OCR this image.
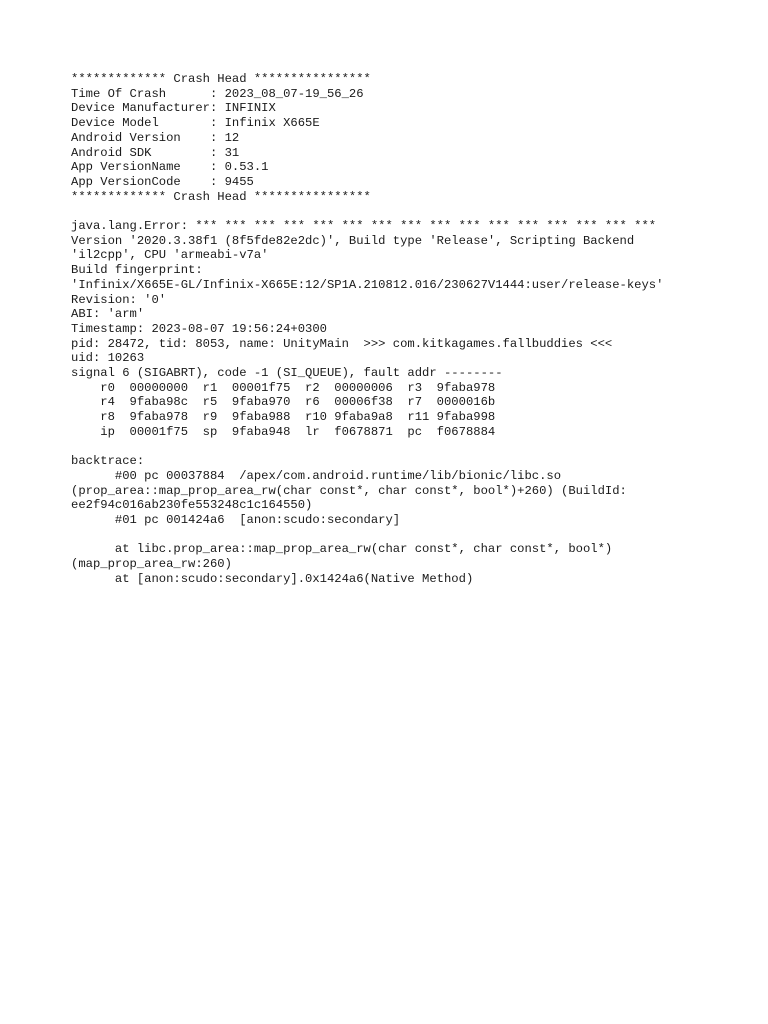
************* Crash Head ****************
Time Of Crash      : 2023_08_07-19_56_26
Device Manufacturer: INFINIX
Device Model       : Infinix X665E
Android Version    : 12
Android SDK        : 31
App VersionName    : 0.53.1
App VersionCode    : 9455
************* Crash Head ****************
java.lang.Error: *** *** *** *** *** *** *** *** *** *** *** *** *** *** *** ***
Version '2020.3.38f1 (8f5fde82e2dc)', Build type 'Release', Scripting Backend
'il2cpp', CPU 'armeabi-v7a'
Build fingerprint:
'Infinix/X665E-GL/Infinix-X665E:12/SP1A.210812.016/230627V1444:user/release-keys'
Revision: '0'
ABI: 'arm'
Timestamp: 2023-08-07 19:56:24+0300
pid: 28472, tid: 8053, name: UnityMain  >>> com.kitkagames.fallbuddies <<<
uid: 10263
signal 6 (SIGABRT), code -1 (SI_QUEUE), fault addr --------
r0  00000000  r1  00001f75  r2  00000006  r3  9faba978
r4  9faba98c  r5  9faba970  r6  00006f38  r7  0000016b
r8  9faba978  r9  9faba988  r10 9faba9a8  r11 9faba998
ip  00001f75  sp  9faba948  lr  f0678871  pc  f0678884
backtrace:
#00 pc 00037884  /apex/com.android.runtime/lib/bionic/libc.so
(prop_area::map_prop_area_rw(char const*, char const*, bool*)+260) (BuildId:
ee2f94c016ab230fe553248c1c164550)
#01 pc 001424a6  [anon:scudo:secondary]
at libc.prop_area::map_prop_area_rw(char const*, char const*, bool*)
(map_prop_area_rw:260)
at [anon:scudo:secondary].0x1424a6(Native Method)
